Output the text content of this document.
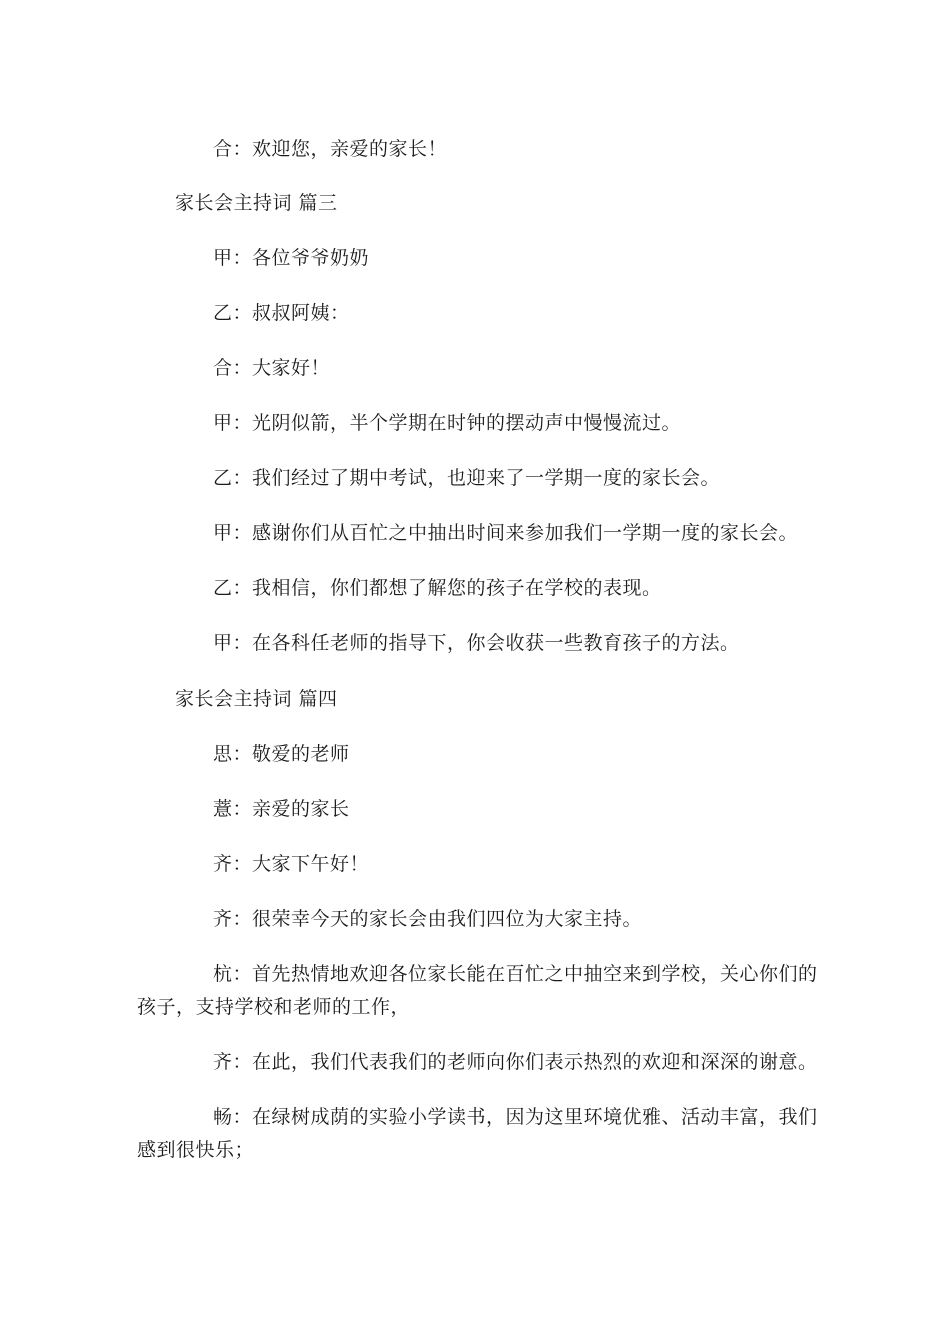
合：欢迎您，亲爱的家长！
家长会主持词 篇三
甲：各位爷爷奶奶
乙：叔叔阿姨：
合：大家好！
甲：光阴似箭，半个学期在时钟的摆动声中慢慢流过。
乙：我们经过了期中考试，也迎来了一学期一度的家长会。
甲：感谢你们从百忙之中抽出时间来参加我们一学期一度的家长会。
乙：我相信，你们都想了解您的孩子在学校的表现。
甲：在各科任老师的指导下，你会收获一些教育孩子的方法。
家长会主持词 篇四
思：敬爱的老师
薏：亲爱的家长
齐：大家下午好！
齐：很荣幸今天的家长会由我们四位为大家主持。
杭：首先热情地欢迎各位家长能在百忙之中抽空来到学校，关心你们的
孩子，支持学校和老师的工作，
齐：在此，我们代表我们的老师向你们表示热烈的欢迎和深深的谢意。
畅：在绿树成荫的实验小学读书，因为这里环境优雅、活动丰富，我们
感到很快乐；
